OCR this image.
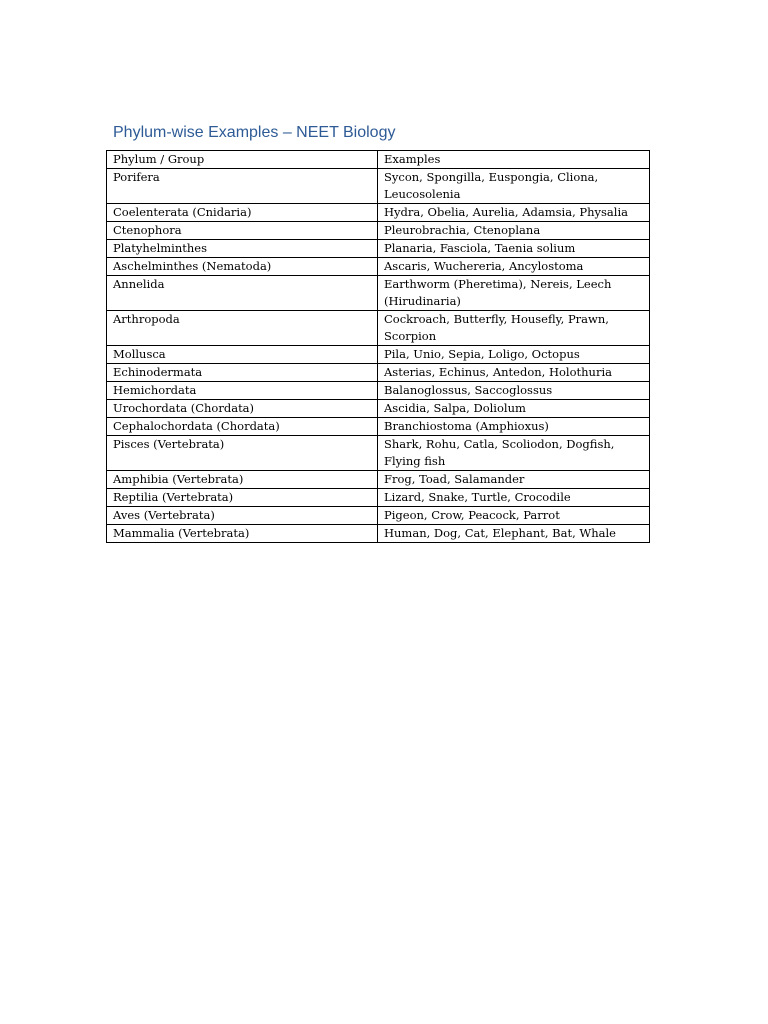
Phylum-wise Examples – NEET Biology
Phylum / Group	Examples
Porifera	Sycon, Spongilla, Euspongia, Cliona, Leucosolenia
Coelenterata (Cnidaria)	Hydra, Obelia, Aurelia, Adamsia, Physalia
Ctenophora	Pleurobrachia, Ctenoplana
Platyhelminthes	Planaria, Fasciola, Taenia solium
Aschelminthes (Nematoda)	Ascaris, Wuchereria, Ancylostoma
Annelida	Earthworm (Pheretima), Nereis, Leech (Hirudinaria)
Arthropoda	Cockroach, Butterfly, Housefly, Prawn, Scorpion
Mollusca	Pila, Unio, Sepia, Loligo, Octopus
Echinodermata	Asterias, Echinus, Antedon, Holothuria
Hemichordata	Balanoglossus, Saccoglossus
Urochordata (Chordata)	Ascidia, Salpa, Doliolum
Cephalochordata (Chordata)	Branchiostoma (Amphioxus)
Pisces (Vertebrata)	Shark, Rohu, Catla, Scoliodon, Dogfish, Flying fish
Amphibia (Vertebrata)	Frog, Toad, Salamander
Reptilia (Vertebrata)	Lizard, Snake, Turtle, Crocodile
Aves (Vertebrata)	Pigeon, Crow, Peacock, Parrot
Mammalia (Vertebrata)	Human, Dog, Cat, Elephant, Bat, Whale
